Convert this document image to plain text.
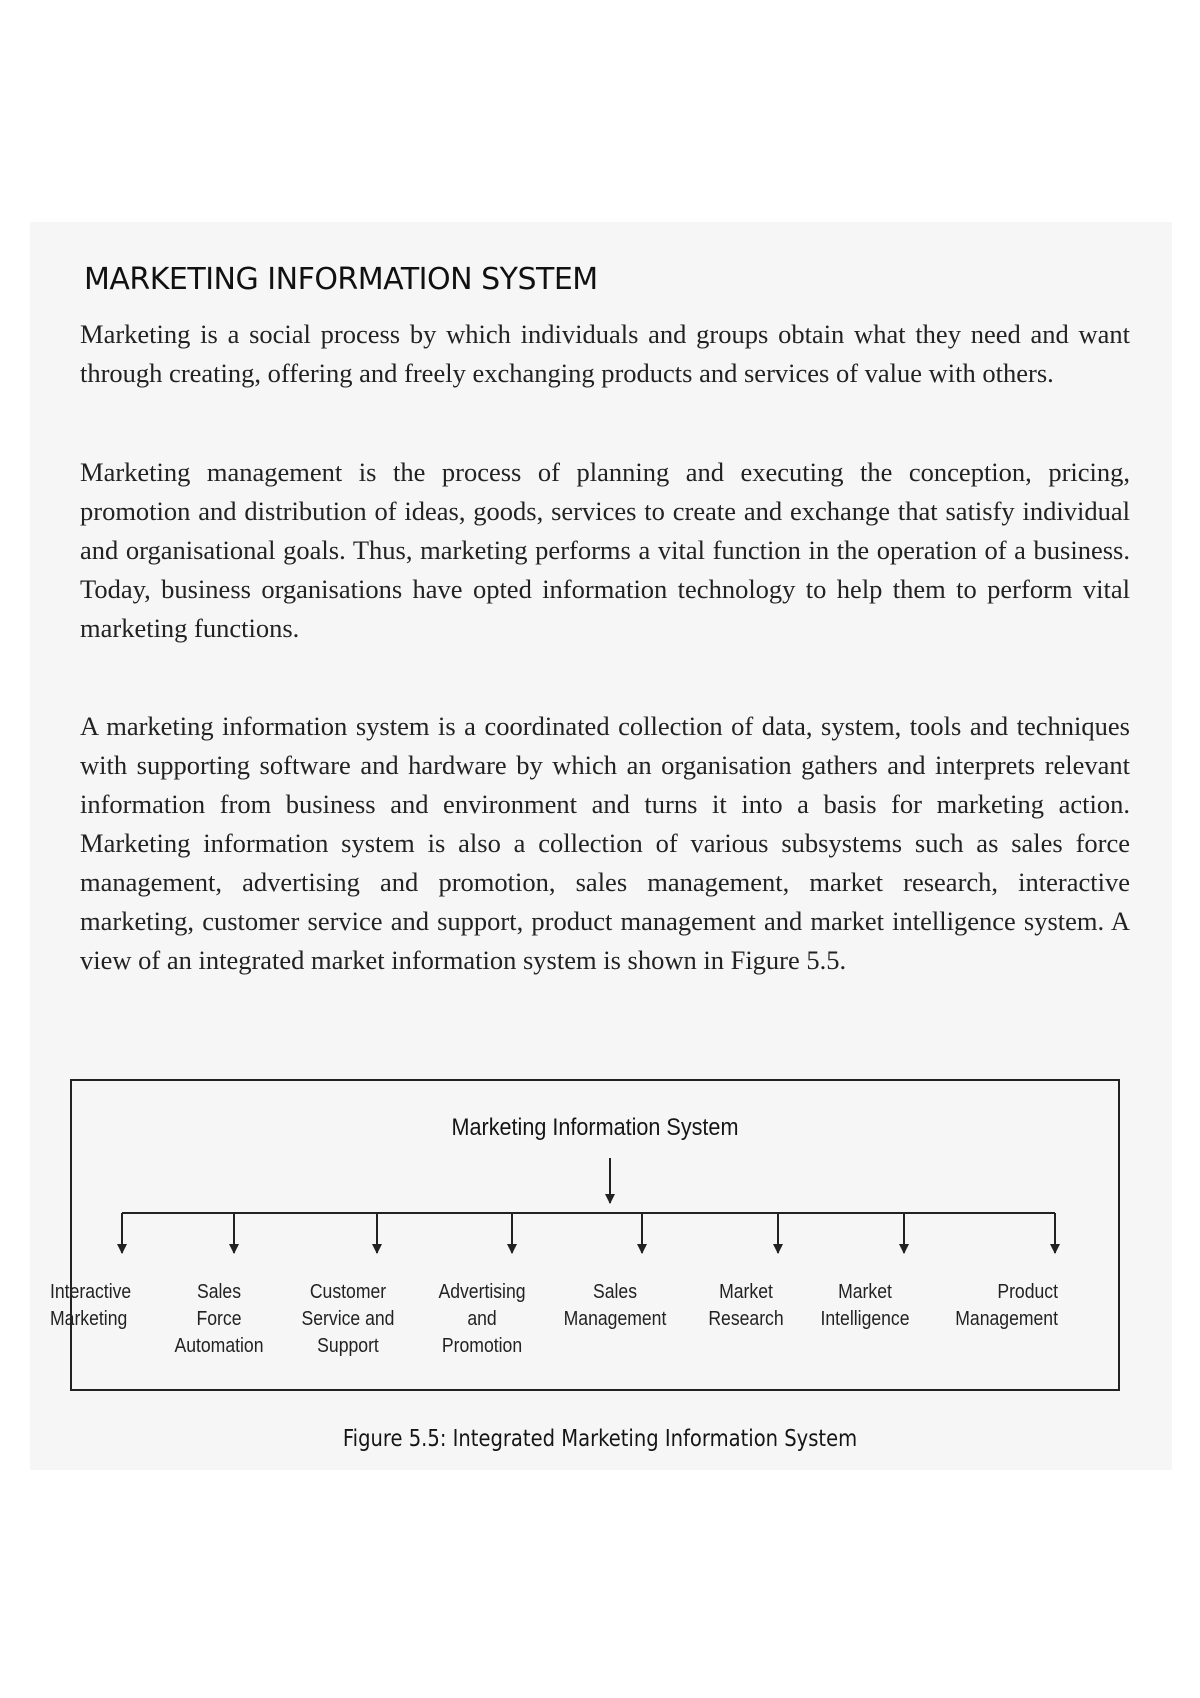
MARKETING INFORMATION SYSTEM

Marketing is a social process by which individuals and groups obtain what they need and want through creating, offering and freely exchanging products and services of value with others.

Marketing management is the process of planning and executing the conception, pricing, promotion and distribution of ideas, goods, services to create and exchange that satisfy individual and organisational goals. Thus, marketing performs a vital function in the operation of a business. Today, business organisations have opted information technology to help them to perform vital marketing functions.

A marketing information system is a coordinated collection of data, system, tools and techniques with supporting software and hardware by which an organisation gathers and interprets relevant information from business and environment and turns it into a basis for marketing action. Marketing information system is also a collection of various subsystems such as sales force management, advertising and promotion, sales management, market research, interactive marketing, customer service and support, product management and market intelligence system. A view of an integrated market information system is shown in Figure 5.5.

Marketing Information System
Interactive
Marketing
Sales
Force
Automation
Customer
Service and
Support
Advertising
and
Promotion
Sales
Management
Market
Research
Market
Intelligence
Product
Management
Figure 5.5: Integrated Marketing Information System
